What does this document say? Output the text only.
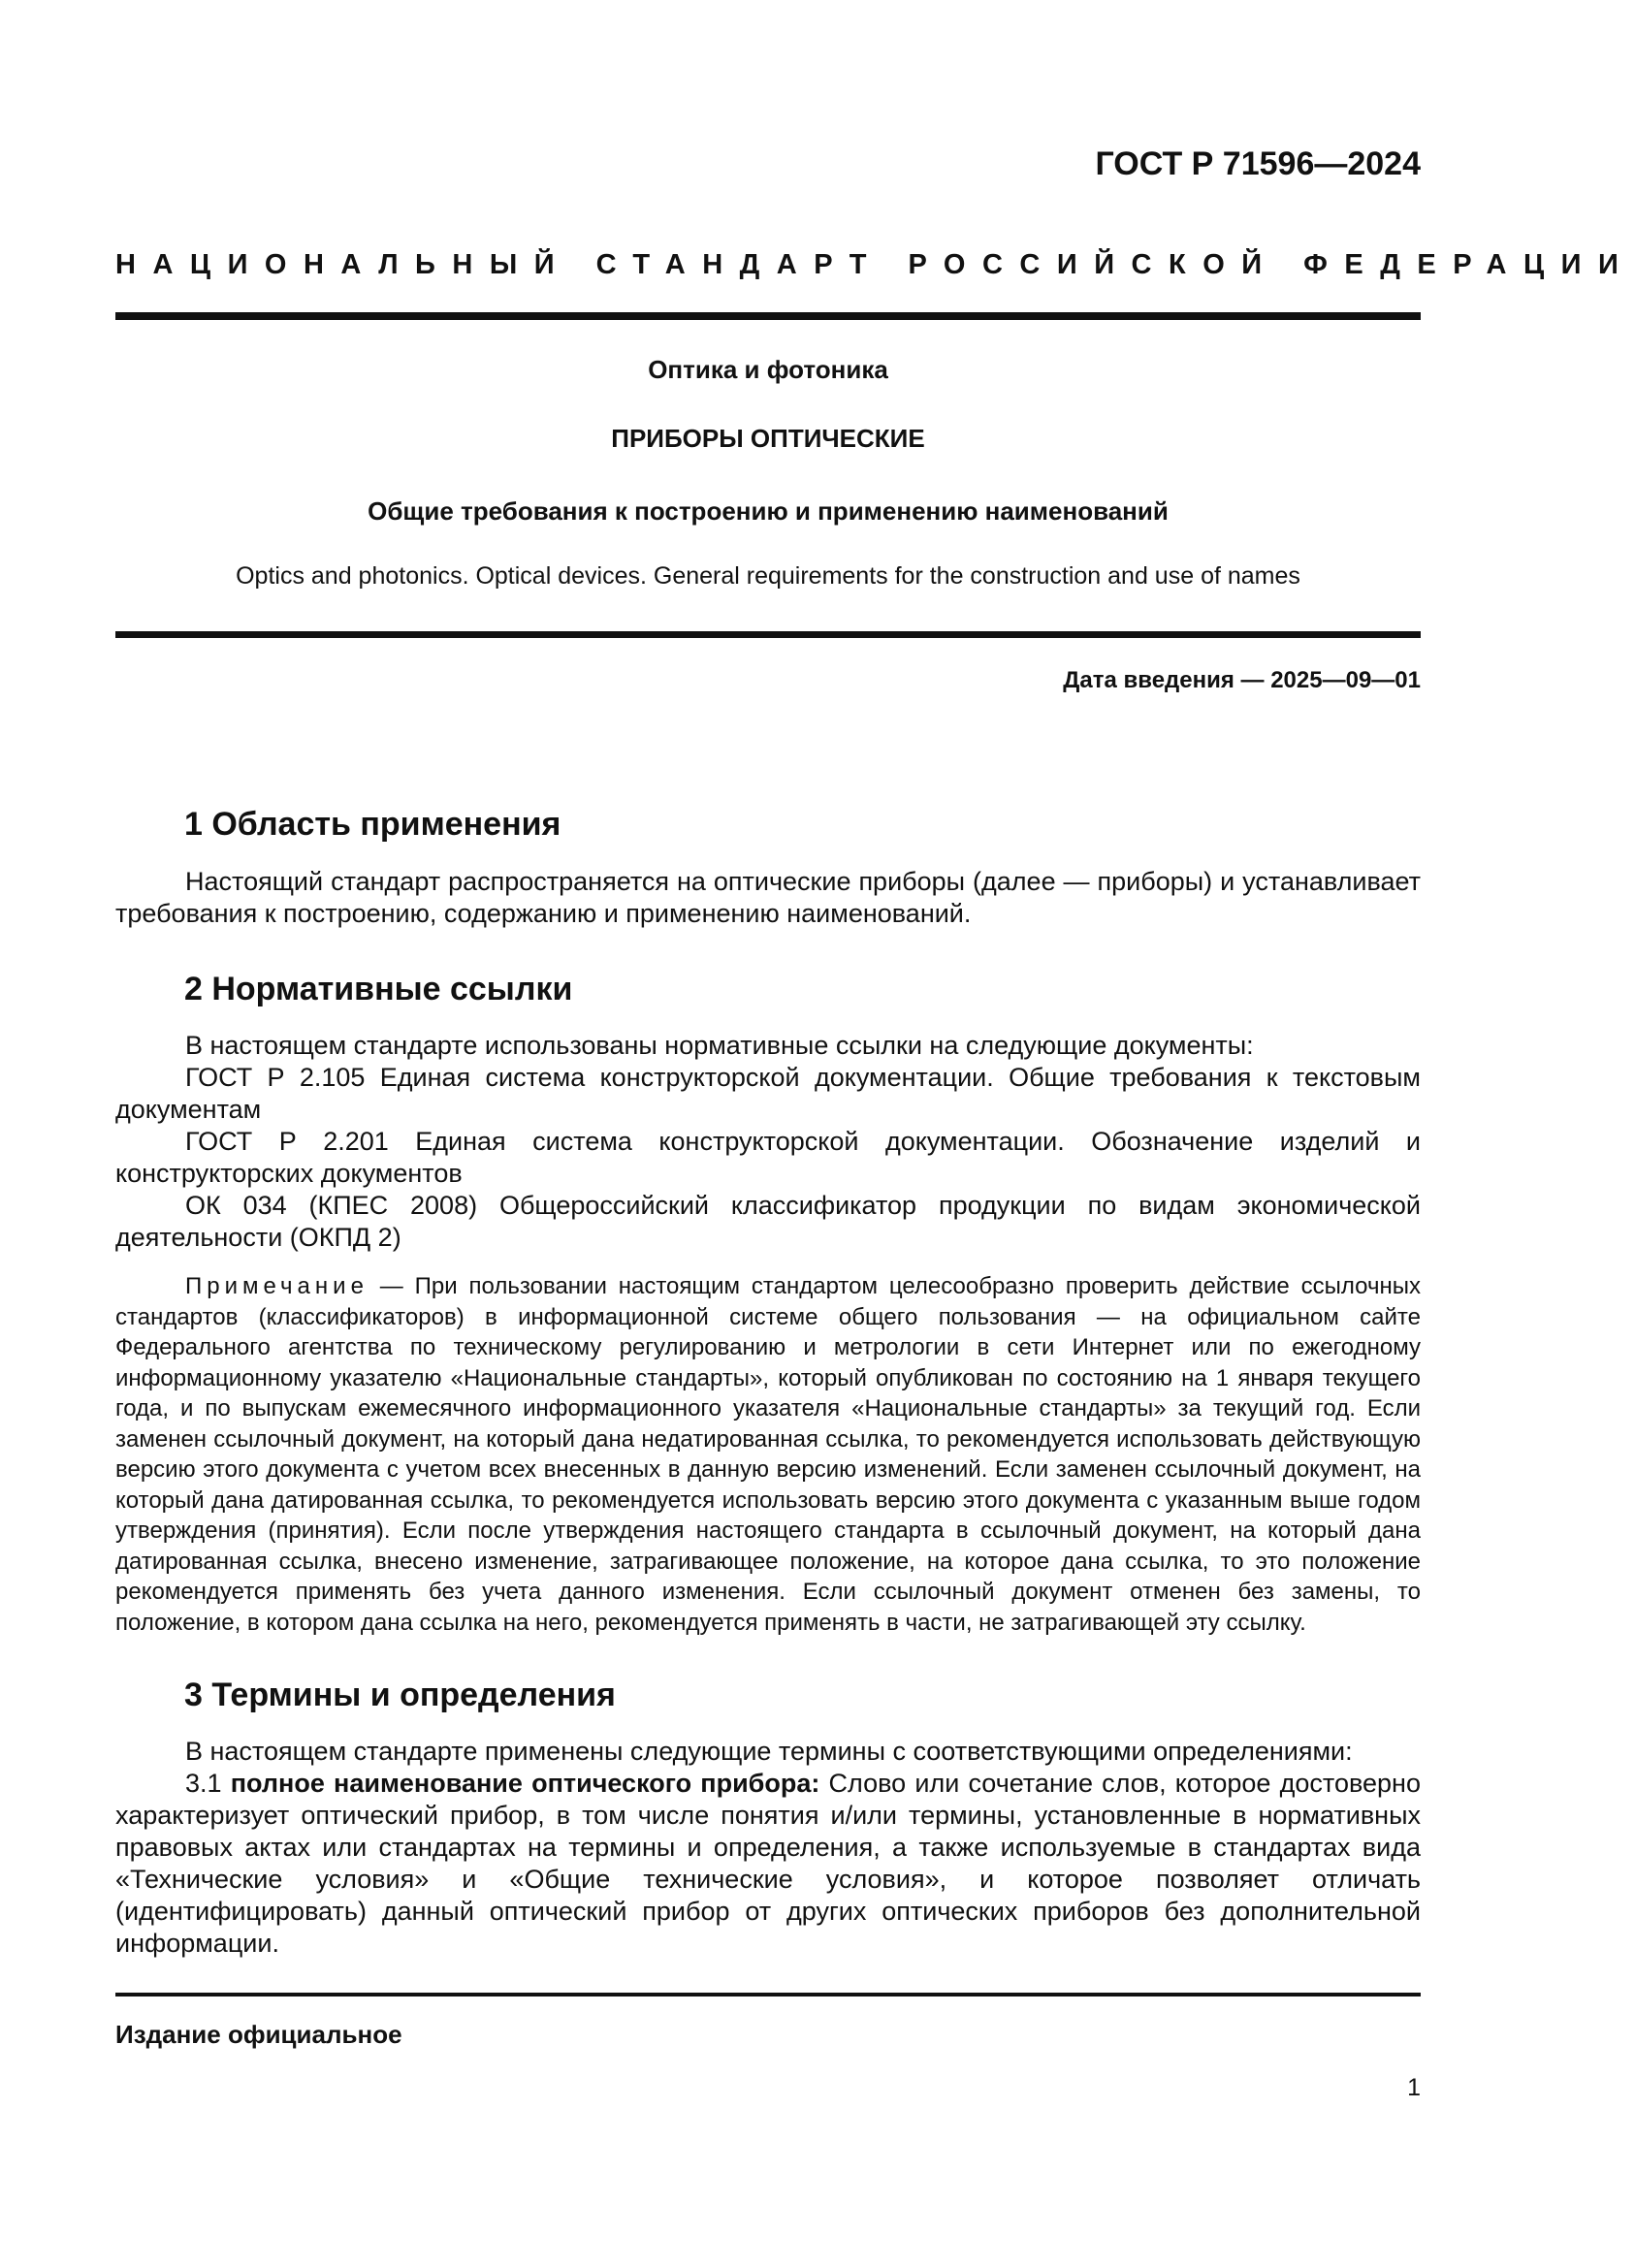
ГОСТ Р 71596—2024
НАЦИОНАЛЬНЫЙ СТАНДАРТ РОССИЙСКОЙ ФЕДЕРАЦИИ
Оптика и фотоника
ПРИБОРЫ ОПТИЧЕСКИЕ
Общие требования к построению и применению наименований
Optics and photonics. Optical devices. General requirements for the construction and use of names
Дата введения — 2025—09—01
1 Область применения

Настоящий стандарт распространяется на оптические приборы (далее — приборы) и устанавливает требования к построению, содержанию и применению наименований.

2 Нормативные ссылки

В настоящем стандарте использованы нормативные ссылки на следующие документы:

ГОСТ Р 2.105 Единая система конструкторской документации. Общие требования к текстовым документам

ГОСТ Р 2.201 Единая система конструкторской документации. Обозначение изделий и конструкторских документов

ОК 034 (КПЕС 2008) Общероссийский классификатор продукции по видам экономической деятельности (ОКПД 2)

Примечание — При пользовании настоящим стандартом целесообразно проверить действие ссылочных стандартов (классификаторов) в информационной системе общего пользования — на официальном сайте Федерального агентства по техническому регулированию и метрологии в сети Интернет или по ежегодному информационному указателю «Национальные стандарты», который опубликован по состоянию на 1 января текущего года, и по выпускам ежемесячного информационного указателя «Национальные стандарты» за текущий год. Если заменен ссылочный документ, на который дана недатированная ссылка, то рекомендуется использовать действующую версию этого документа с учетом всех внесенных в данную версию изменений. Если заменен ссылочный документ, на который дана датированная ссылка, то рекомендуется использовать версию этого документа с указанным выше годом утверждения (принятия). Если после утверждения настоящего стандарта в ссылочный документ, на который дана датированная ссылка, внесено изменение, затрагивающее положение, на которое дана ссылка, то это положение рекомендуется применять без учета данного изменения. Если ссылочный документ отменен без замены, то положение, в котором дана ссылка на него, рекомендуется применять в части, не затрагивающей эту ссылку.

3 Термины и определения

В настоящем стандарте применены следующие термины с соответствующими определениями:

3.1 полное наименование оптического прибора: Слово или сочетание слов, которое достоверно характеризует оптический прибор, в том числе понятия и/или термины, установленные в нормативных правовых актах или стандартах на термины и определения, а также используемые в стандартах вида «Технические условия» и «Общие технические условия», и которое позволяет отличать (идентифицировать) данный оптический прибор от других оптических приборов без дополнительной информации.

Издание официальное
1
